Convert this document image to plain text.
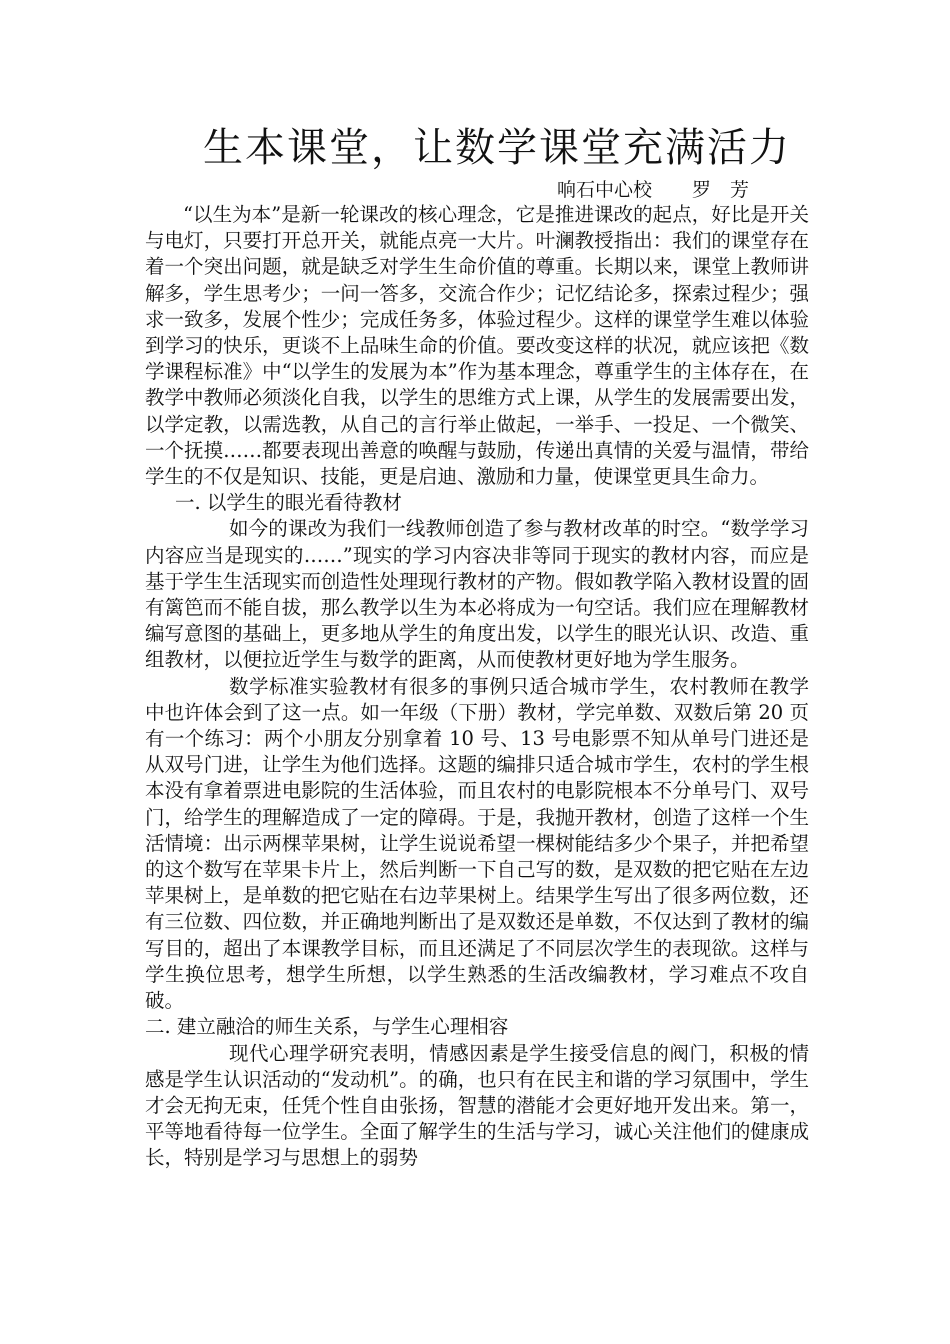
生本课堂，让数学课堂充满活力
响石中心校 罗　芳

“以生为本”是新一轮课改的核心理念，它是推进课改的起点，好比是开关与电灯，只要打开总开关，就能点亮一大片。叶澜教授指出：我们的课堂存在着一个突出问题，就是缺乏对学生生命价值的尊重。长期以来，课堂上教师讲解多，学生思考少；一问一答多，交流合作少；记忆结论多，探索过程少；强求一致多，发展个性少；完成任务多，体验过程少。这样的课堂学生难以体验到学习的快乐，更谈不上品味生命的价值。要改变这样的状况，就应该把《数学课程标准》中“以学生的发展为本”作为基本理念，尊重学生的主体存在，在教学中教师必须淡化自我，以学生的思维方式上课，从学生的发展需要出发，以学定教，以需选教，从自己的言行举止做起，一举手、一投足、一个微笑、一个抚摸……都要表现出善意的唤醒与鼓励，传递出真情的关爱与温情，带给学生的不仅是知识、技能，更是启迪、激励和力量，使课堂更具生命力。

一. 以学生的眼光看待教材

如今的课改为我们一线教师创造了参与教材改革的时空。“数学学习内容应当是现实的……”现实的学习内容决非等同于现实的教材内容，而应是基于学生生活现实而创造性处理现行教材的产物。假如教学陷入教材设置的固有篱笆而不能自拔，那么教学以生为本必将成为一句空话。我们应在理解教材编写意图的基础上，更多地从学生的角度出发，以学生的眼光认识、改造、重组教材，以便拉近学生与数学的距离，从而使教材更好地为学生服务。

数学标准实验教材有很多的事例只适合城市学生，农村教师在教学中也许体会到了这一点。如一年级（下册）教材，学完单数、双数后第 20 页有一个练习：两个小朋友分别拿着 10 号、13 号电影票不知从单号门进还是从双号门进，让学生为他们选择。这题的编排只适合城市学生，农村的学生根本没有拿着票进电影院的生活体验，而且农村的电影院根本不分单号门、双号门，给学生的理解造成了一定的障碍。于是，我抛开教材，创造了这样一个生活情境：出示两棵苹果树，让学生说说希望一棵树能结多少个果子，并把希望的这个数写在苹果卡片上，然后判断一下自己写的数，是双数的把它贴在左边苹果树上，是单数的把它贴在右边苹果树上。结果学生写出了很多两位数，还有三位数、四位数，并正确地判断出了是双数还是单数，不仅达到了教材的编写目的，超出了本课教学目标，而且还满足了不同层次学生的表现欲。这样与学生换位思考，想学生所想，以学生熟悉的生活改编教材，学习难点不攻自破。

二. 建立融洽的师生关系，与学生心理相容

现代心理学研究表明，情感因素是学生接受信息的阀门，积极的情感是学生认识活动的“发动机”。的确，也只有在民主和谐的学习氛围中，学生才会无拘无束，任凭个性自由张扬，智慧的潜能才会更好地开发出来。第一，平等地看待每一位学生。全面了解学生的生活与学习，诚心关注他们的健康成长，特别是学习与思想上的弱势
